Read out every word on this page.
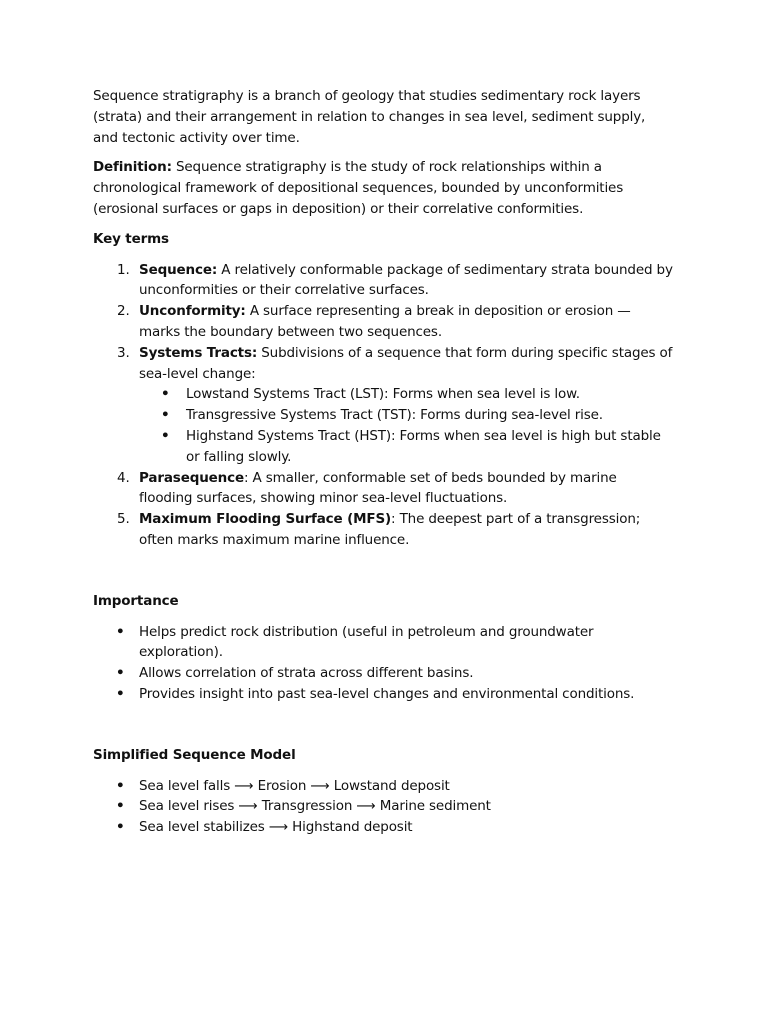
Sequence stratigraphy is a branch of geology that studies sedimentary rock layers (strata) and their arrangement in relation to changes in sea level, sediment supply, and tectonic activity over time.

Definition: Sequence stratigraphy is the study of rock relationships within a chronological framework of depositional sequences, bounded by unconformities (erosional surfaces or gaps in deposition) or their correlative conformities.

Key terms

1. Sequence: A relatively conformable package of sedimentary strata bounded by unconformities or their correlative surfaces.
2. Unconformity: A surface representing a break in deposition or erosion — marks the boundary between two sequences.
3. Systems Tracts: Subdivisions of a sequence that form during specific stages of sea-level change:
• Lowstand Systems Tract (LST): Forms when sea level is low.
• Transgressive Systems Tract (TST): Forms during sea-level rise.
• Highstand Systems Tract (HST): Forms when sea level is high but stable or falling slowly.
4. Parasequence: A smaller, conformable set of beds bounded by marine flooding surfaces, showing minor sea-level fluctuations.
5. Maximum Flooding Surface (MFS): The deepest part of a transgression; often marks maximum marine influence.

Importance

• Helps predict rock distribution (useful in petroleum and groundwater exploration).
• Allows correlation of strata across different basins.
• Provides insight into past sea-level changes and environmental conditions.

Simplified Sequence Model

• Sea level falls ⟶ Erosion ⟶ Lowstand deposit
• Sea level rises ⟶ Transgression ⟶ Marine sediment
• Sea level stabilizes ⟶ Highstand deposit
